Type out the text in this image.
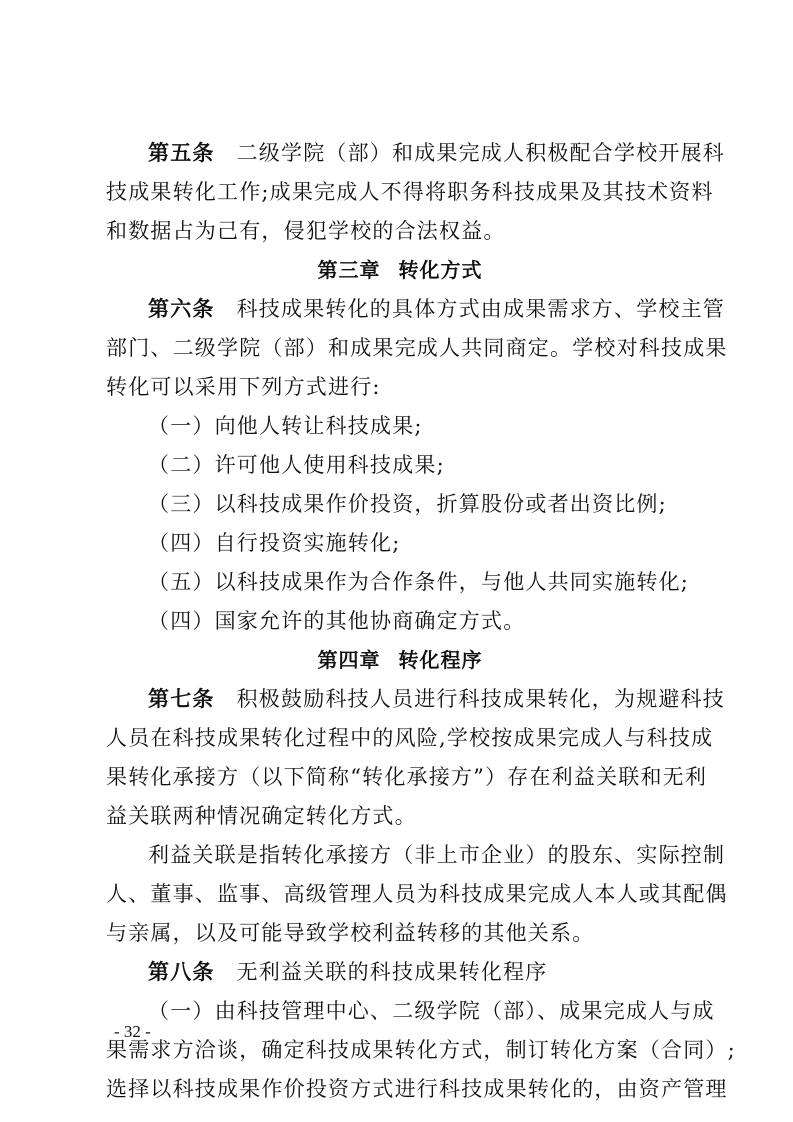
第五条 二级学院（部）和成果完成人积极配合学校开展科
技成果转化工作;成果完成人不得将职务科技成果及其技术资料
和数据占为己有，侵犯学校的合法权益。
第三章 转化方式
第六条 科技成果转化的具体方式由成果需求方、学校主管
部门、二级学院（部）和成果完成人共同商定。学校对科技成果
转化可以采用下列方式进行:
（一）向他人转让科技成果;
（二）许可他人使用科技成果;
（三）以科技成果作价投资，折算股份或者出资比例;
（四）自行投资实施转化;
（五）以科技成果作为合作条件，与他人共同实施转化;
（四）国家允许的其他协商确定方式。
第四章 转化程序
第七条 积极鼓励科技人员进行科技成果转化，为规避科技
人员在科技成果转化过程中的风险,学校按成果完成人与科技成
果转化承接方（以下简称“转化承接方”）存在利益关联和无利
益关联两种情况确定转化方式。
利益关联是指转化承接方（非上市企业）的股东、实际控制
人、董事、监事、高级管理人员为科技成果完成人本人或其配偶
与亲属，以及可能导致学校利益转移的其他关系。
第八条 无利益关联的科技成果转化程序
（一）由科技管理中心、二级学院（部）、成果完成人与成
果需求方洽谈，确定科技成果转化方式，制订转化方案（合同）;
选择以科技成果作价投资方式进行科技成果转化的，由资产管理
- 32 -
